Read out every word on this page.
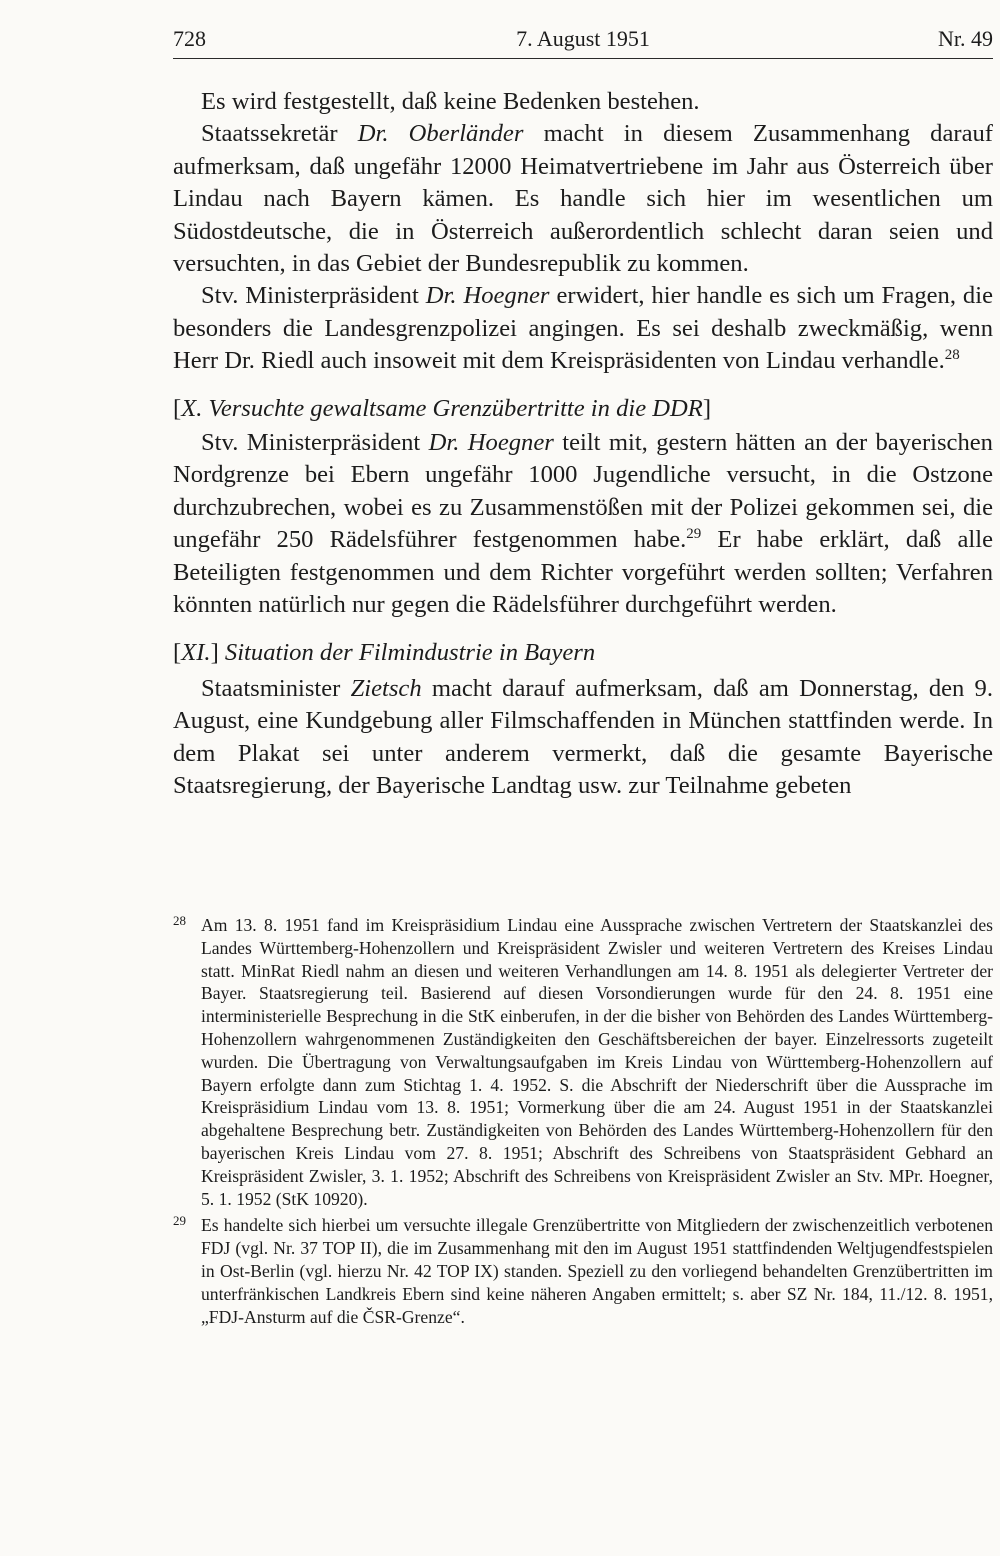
728	7. August 1951	Nr. 49

Es wird festgestellt, daß keine Bedenken bestehen.

Staatssekretär Dr. Oberländer macht in diesem Zusammenhang darauf aufmerksam, daß ungefähr 12000 Heimatvertriebene im Jahr aus Österreich über Lindau nach Bayern kämen. Es handle sich hier im wesentlichen um Südostdeutsche, die in Österreich außerordentlich schlecht daran seien und versuchten, in das Gebiet der Bundesrepublik zu kommen.

Stv. Ministerpräsident Dr. Hoegner erwidert, hier handle es sich um Fragen, die besonders die Landesgrenzpolizei angingen. Es sei deshalb zweckmäßig, wenn Herr Dr. Riedl auch insoweit mit dem Kreispräsidenten von Lindau verhandle.$^{28}$

[X. Versuchte gewaltsame Grenzübertritte in die DDR]

Stv. Ministerpräsident Dr. Hoegner teilt mit, gestern hätten an der bayerischen Nordgrenze bei Ebern ungefähr 1000 Jugendliche versucht, in die Ostzone durchzubrechen, wobei es zu Zusammenstößen mit der Polizei gekommen sei, die ungefähr 250 Rädelsführer festgenommen habe.$^{29}$ Er habe erklärt, daß alle Beteiligten festgenommen und dem Richter vorgeführt werden sollten; Verfahren könnten natürlich nur gegen die Rädelsführer durchgeführt werden.

[XI.] Situation der Filmindustrie in Bayern

Staatsminister Zietsch macht darauf aufmerksam, daß am Donnerstag, den 9. August, eine Kundgebung aller Filmschaffenden in München stattfinden werde. In dem Plakat sei unter anderem vermerkt, daß die gesamte Bayerische Staatsregierung, der Bayerische Landtag usw. zur Teilnahme gebeten

28 Am 13. 8. 1951 fand im Kreispräsidium Lindau eine Aussprache zwischen Vertretern der Staatskanzlei des Landes Württemberg-Hohenzollern und Kreispräsident Zwisler und weiteren Vertretern des Kreises Lindau statt. MinRat Riedl nahm an diesen und weiteren Verhandlungen am 14. 8. 1951 als delegierter Vertreter der Bayer. Staatsregierung teil. Basierend auf diesen Vorsondierungen wurde für den 24. 8. 1951 eine interministerielle Besprechung in die StK einberufen, in der die bisher von Behörden des Landes Württemberg-Hohenzollern wahrgenommenen Zuständigkeiten den Geschäftsbereichen der bayer. Einzelressorts zugeteilt wurden. Die Übertragung von Verwaltungsaufgaben im Kreis Lindau von Württemberg-Hohenzollern auf Bayern erfolgte dann zum Stichtag 1. 4. 1952. S. die Abschrift der Niederschrift über die Aussprache im Kreispräsidium Lindau vom 13. 8. 1951; Vormerkung über die am 24. August 1951 in der Staatskanzlei abgehaltene Besprechung betr. Zuständigkeiten von Behörden des Landes Württemberg-Hohenzollern für den bayerischen Kreis Lindau vom 27. 8. 1951; Abschrift des Schreibens von Staatspräsident Gebhard an Kreispräsident Zwisler, 3. 1. 1952; Abschrift des Schreibens von Kreispräsident Zwisler an Stv. MPr. Hoegner, 5. 1. 1952 (StK 10920).
29 Es handelte sich hierbei um versuchte illegale Grenzübertritte von Mitgliedern der zwischenzeitlich verbotenen FDJ (vgl. Nr. 37 TOP II), die im Zusammenhang mit den im August 1951 stattfindenden Weltjugendfestspielen in Ost-Berlin (vgl. hierzu Nr. 42 TOP IX) standen. Speziell zu den vorliegend behandelten Grenzübertritten im unterfränkischen Landkreis Ebern sind keine näheren Angaben ermittelt; s. aber SZ Nr. 184, 11./12. 8. 1951, „FDJ-Ansturm auf die ČSR-Grenze“.
